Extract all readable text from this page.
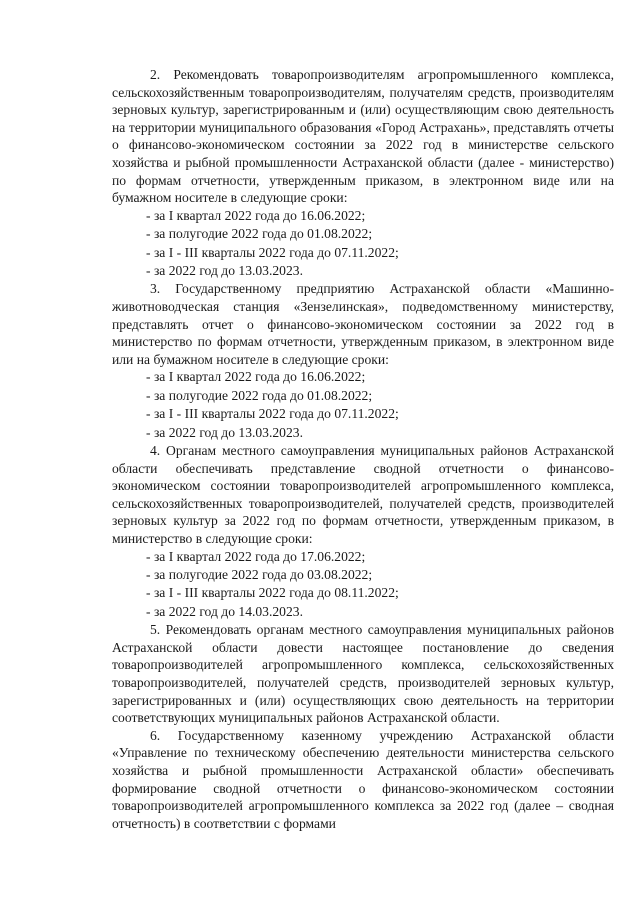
2. Рекомендовать товаропроизводителям агропромышленного комплекса, сельскохозяйственным товаропроизводителям, получателям средств, производителям зерновых культур, зарегистрированным и (или) осуществляющим свою деятельность на территории муниципального образования «Город Астрахань», представлять отчеты о финансово-экономическом состоянии за 2022 год в министерстве сельского хозяйства и рыбной промышленности Астраханской области (далее - министерство) по формам отчетности, утвержденным приказом, в электронном виде или на бумажном носителе в следующие сроки:

- за I квартал 2022 года до 16.06.2022;
- за полугодие 2022 года до 01.08.2022;
- за I - III кварталы 2022 года до 07.11.2022;
- за 2022 год до 13.03.2023.

3. Государственному предприятию Астраханской области «Машинно-животноводческая станция «Зензелинская», подведомственному министерству, представлять отчет о финансово-экономическом состоянии за 2022 год в министерство по формам отчетности, утвержденным приказом, в электронном виде или на бумажном носителе в следующие сроки:

- за I квартал 2022 года до 16.06.2022;
- за полугодие 2022 года до 01.08.2022;
- за I - III кварталы 2022 года до 07.11.2022;
- за 2022 год до 13.03.2023.

4. Органам местного самоуправления муниципальных районов Астраханской области обеспечивать представление сводной отчетности о финансово-экономическом состоянии товаропроизводителей агропромышленного комплекса, сельскохозяйственных товаропроизводителей, получателей средств, производителей зерновых культур за 2022 год по формам отчетности, утвержденным приказом, в министерство в следующие сроки:

- за I квартал 2022 года до 17.06.2022;
- за полугодие 2022 года до 03.08.2022;
- за I - III кварталы 2022 года до 08.11.2022;
- за 2022 год до 14.03.2023.

5. Рекомендовать органам местного самоуправления муниципальных районов Астраханской области довести настоящее постановление до сведения товаропроизводителей агропромышленного комплекса, сельскохозяйственных товаропроизводителей, получателей средств, производителей зерновых культур, зарегистрированных и (или) осуществляющих свою деятельность на территории соответствующих муниципальных районов Астраханской области.

6. Государственному казенному учреждению Астраханской области «Управление по техническому обеспечению деятельности министерства сельского хозяйства и рыбной промышленности Астраханской области» обеспечивать формирование сводной отчетности о финансово-экономическом состоянии товаропроизводителей агропромышленного комплекса за 2022 год (далее – сводная отчетность) в соответствии с формами
